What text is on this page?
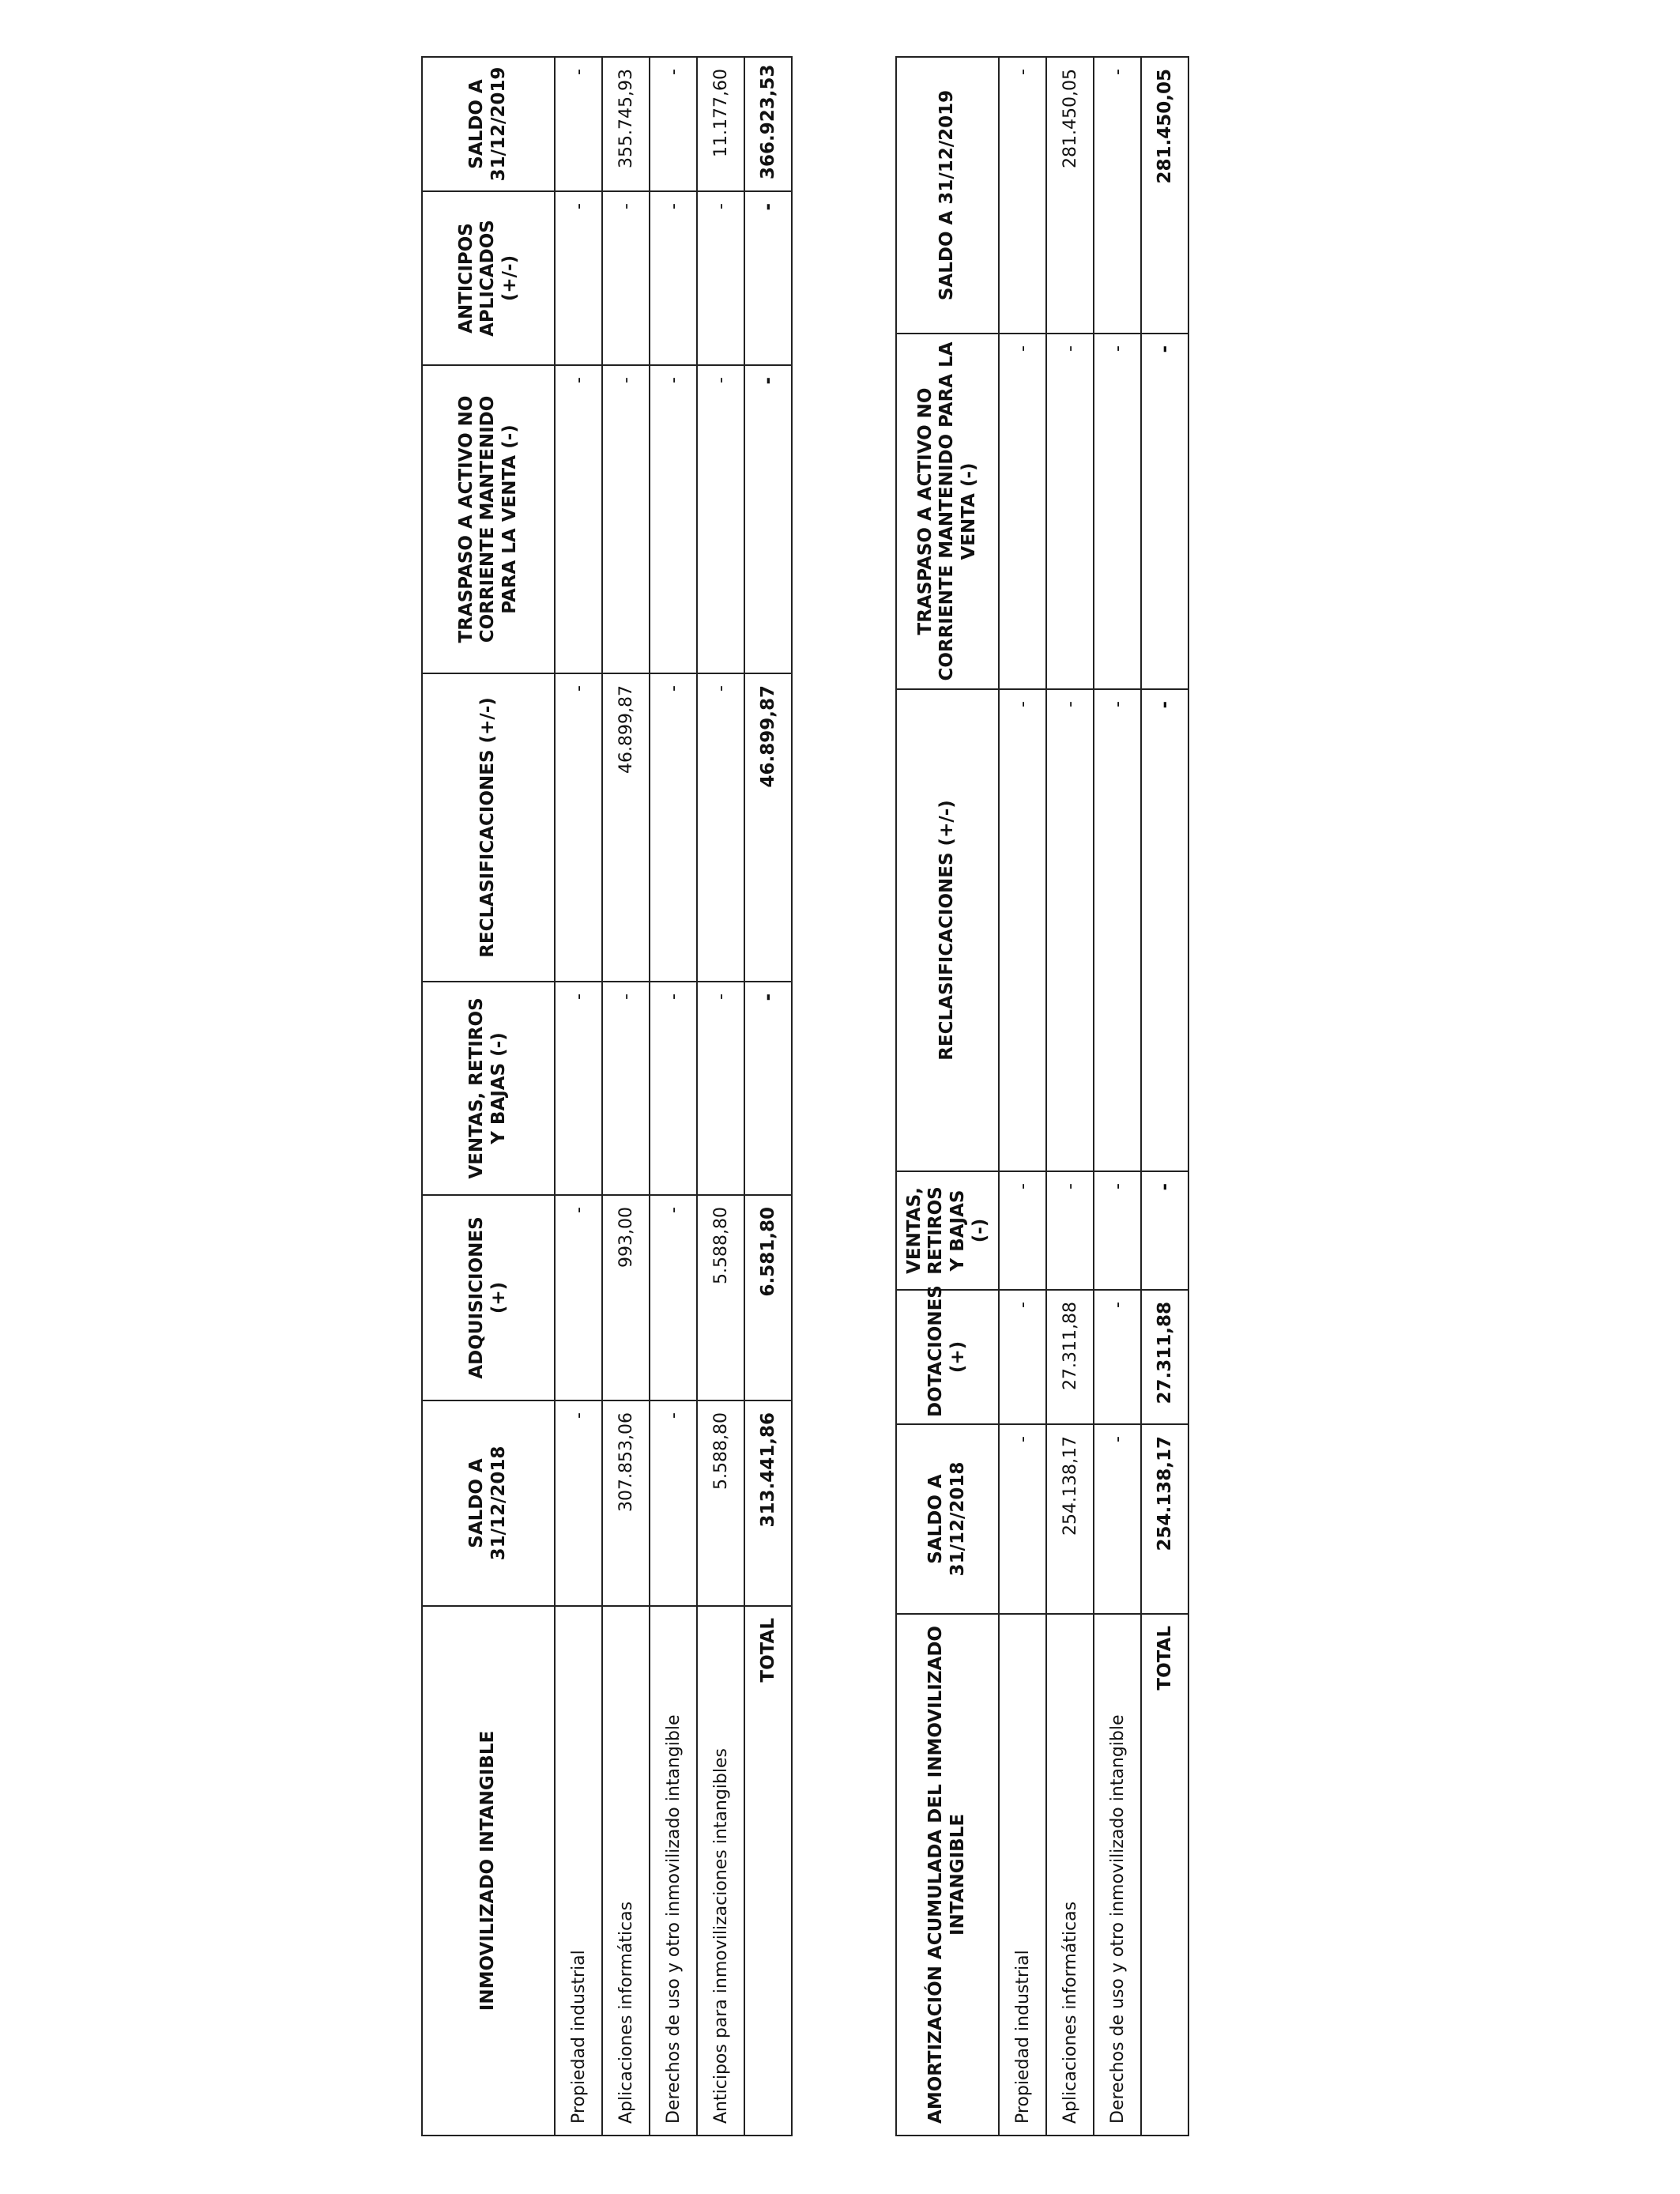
INMOVILIZADO INTANGIBLE	SALDO A 31/12/2018	ADQUISICIONES (+)	VENTAS, RETIROS Y BAJAS (-)	RECLASIFICACIONES (+/-)	TRASPASO A ACTIVO NO CORRIENTE MANTENIDO PARA LA VENTA (-)	ANTICIPOS APLICADOS (+/-)	SALDO A 31/12/2019
Propiedad industrial	-	-	-	-	-	-	-
Aplicaciones informáticas	307.853,06	993,00	-	46.899,87	-	-	355.745,93
Derechos de uso y otro inmovilizado intangible	-	-	-	-	-	-	-
Anticipos para inmovilizaciones intangibles	5.588,80	5.588,80	-	-	-	-	11.177,60
TOTAL	313.441,86	6.581,80	-	46.899,87	-	-	366.923,53
AMORTIZACIÓN ACUMULADA DEL INMOVILIZADO INTANGIBLE	SALDO A 31/12/2018	DOTACIONES (+)	VENTAS, RETIROS Y BAJAS (-)	RECLASIFICACIONES (+/-)	TRASPASO A ACTIVO NO CORRIENTE MANTENIDO PARA LA VENTA (-)	SALDO A 31/12/2019
Propiedad industrial	-	-	-	-	-	-
Aplicaciones informáticas	254.138,17	27.311,88	-	-	-	281.450,05
Derechos de uso y otro inmovilizado intangible	-	-	-	-	-	-
TOTAL	254.138,17	27.311,88	-	-	-	281.450,05
